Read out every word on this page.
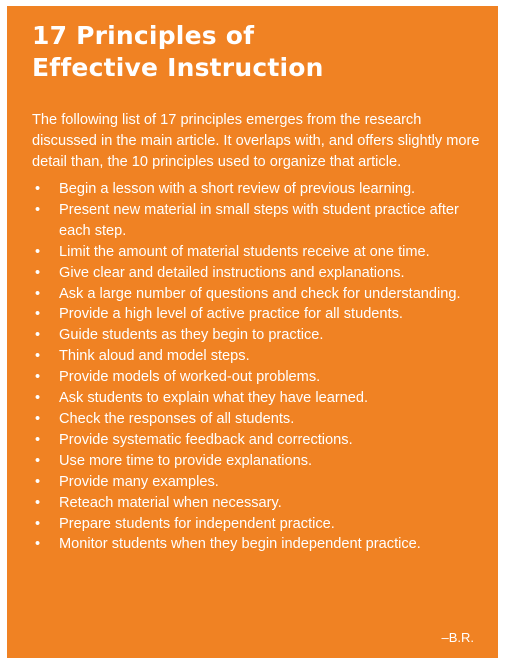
17 Principles of
Effective Instruction

The following list of 17 principles emerges from the research discussed in the main article. It overlaps with, and offers slightly more detail than, the 10 principles used to organize that article.

• Begin a lesson with a short review of previous learning.
• Present new material in small steps with student practice after each step.
• Limit the amount of material students receive at one time.
• Give clear and detailed instructions and explanations.
• Ask a large number of questions and check for understanding.
• Provide a high level of active practice for all students.
• Guide students as they begin to practice.
• Think aloud and model steps.
• Provide models of worked-out problems.
• Ask students to explain what they have learned.
• Check the responses of all students.
• Provide systematic feedback and corrections.
• Use more time to provide explanations.
• Provide many examples.
• Reteach material when necessary.
• Prepare students for independent practice.
• Monitor students when they begin independent practice.
–B.R.
